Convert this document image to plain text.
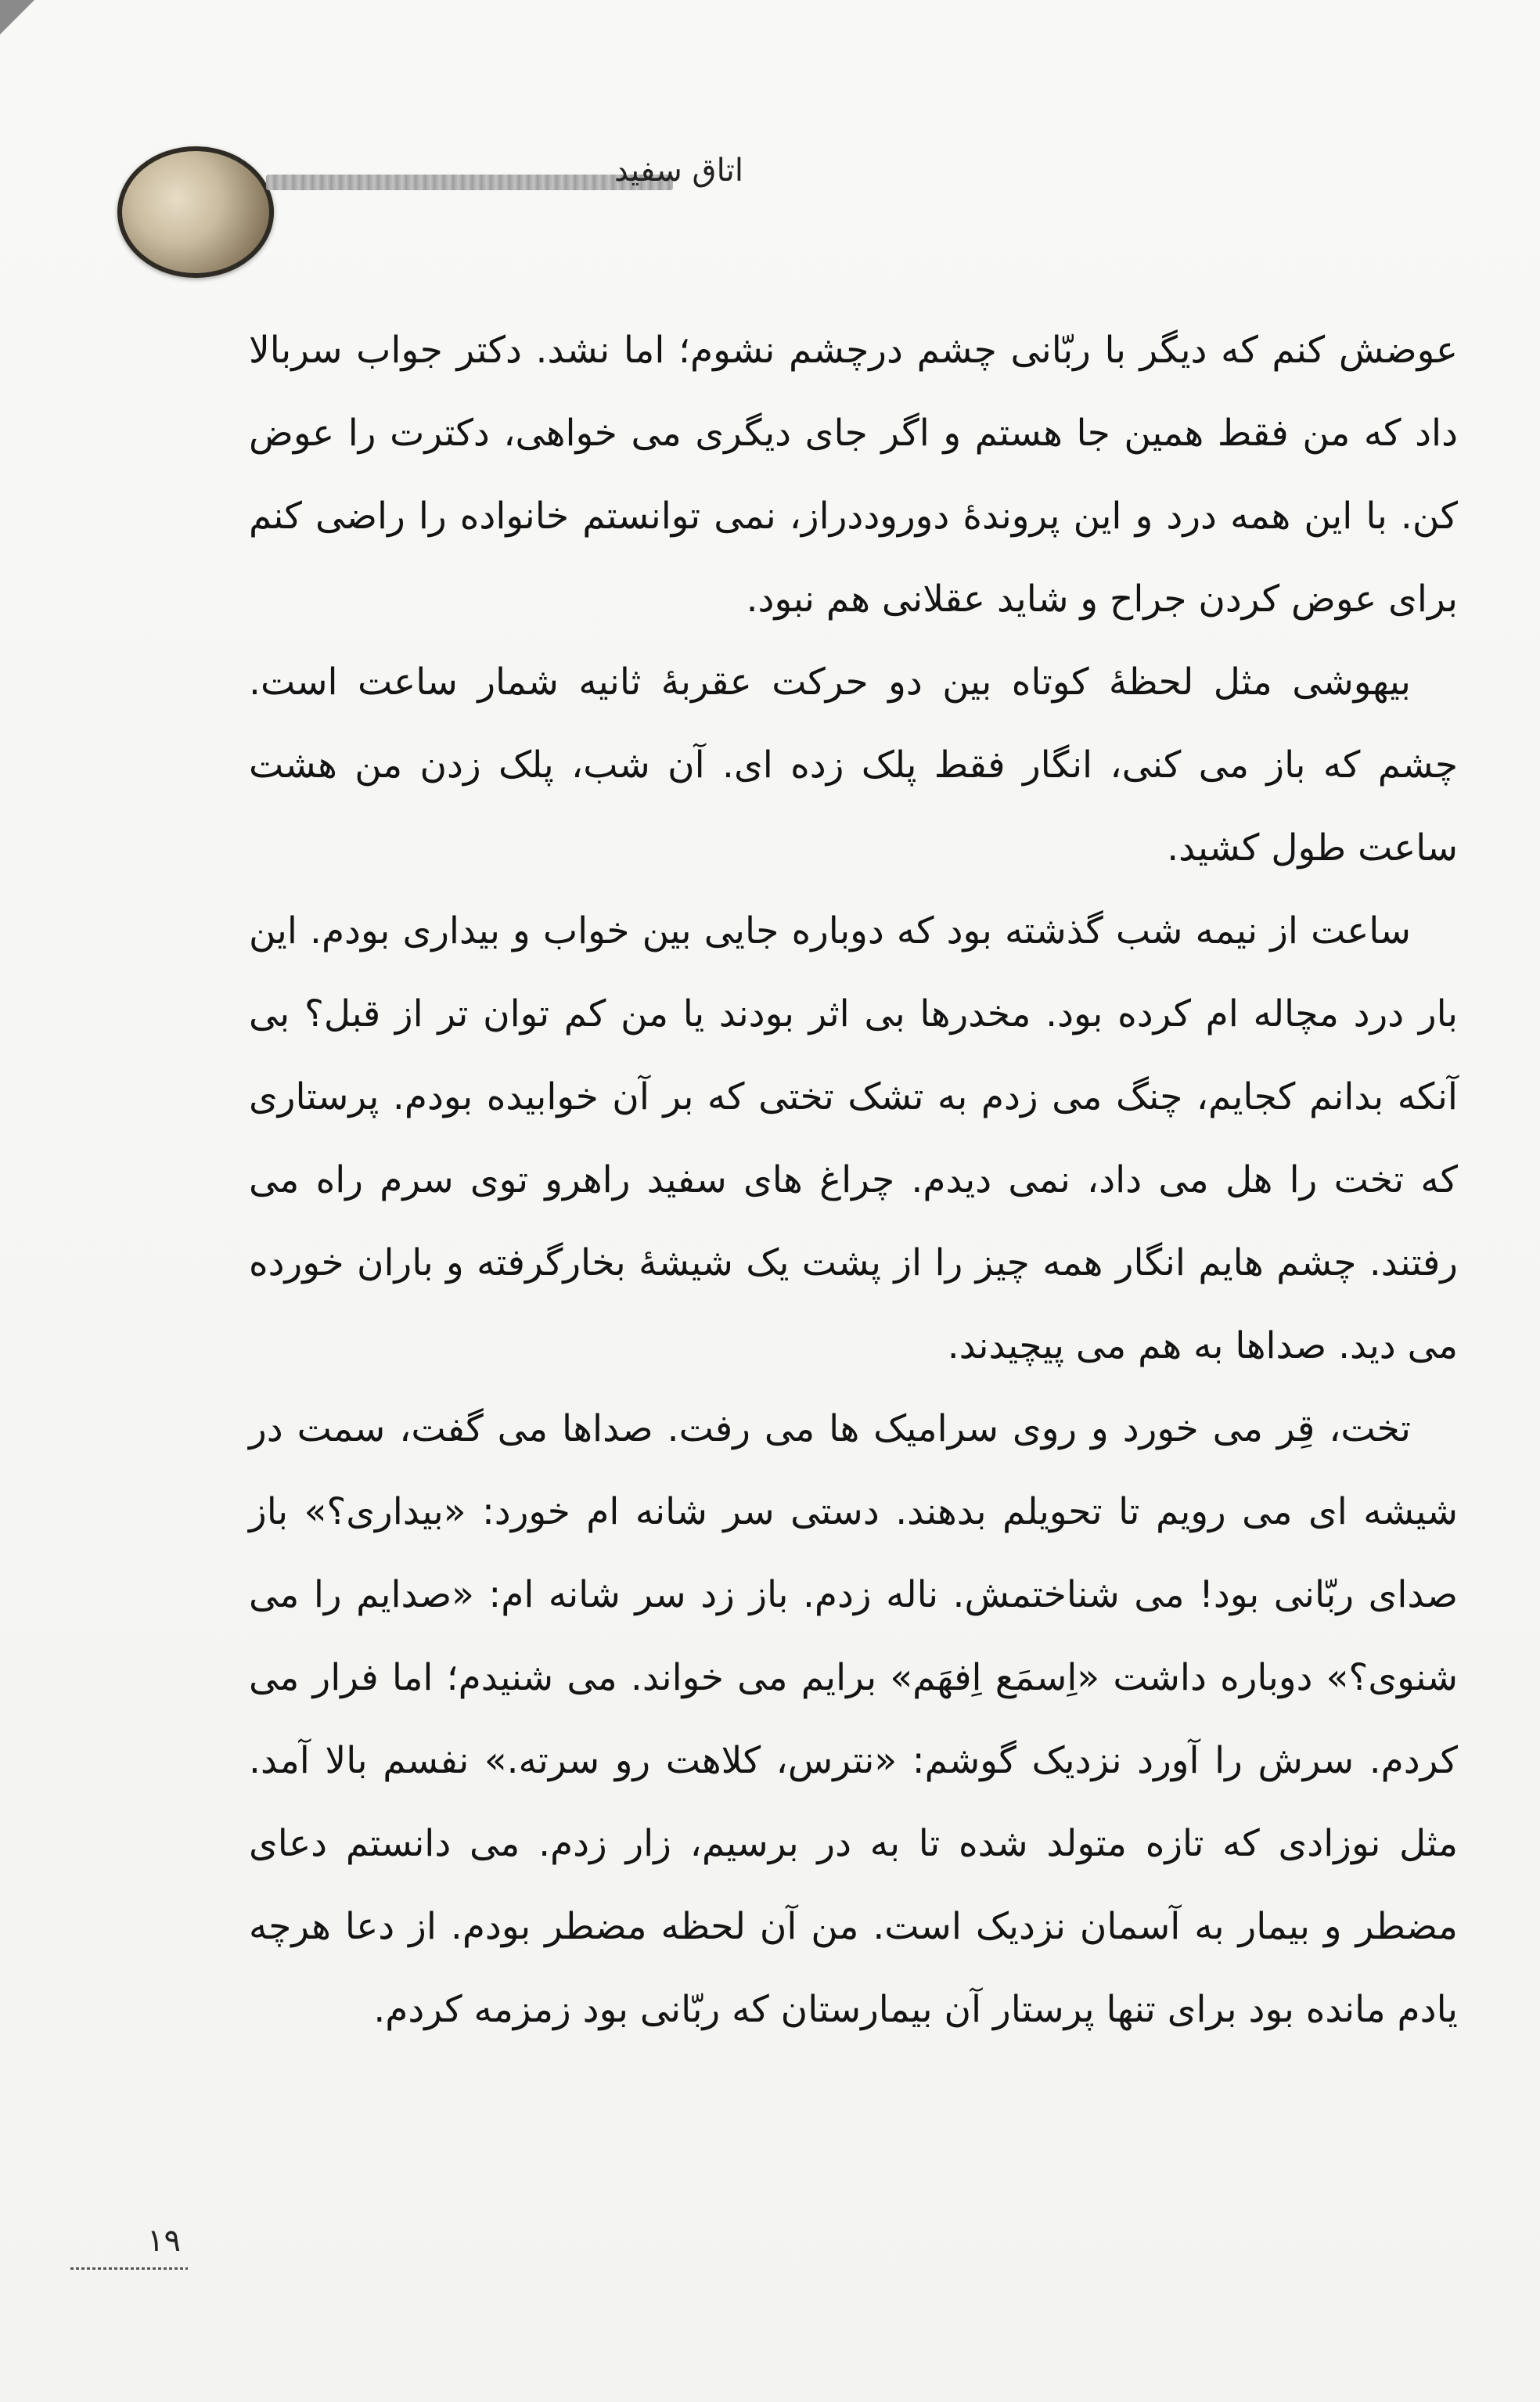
اتاق سفید

عوضش کنم که دیگر با ربّانی چشم درچشم نشوم؛ اما نشد. دکتر جواب سربالا داد که من فقط همین جا هستم و اگر جای دیگری می خواهی، دکترت را عوض کن. با این همه درد و این پروندهٔ دوروددراز، نمی توانستم خانواده را راضی کنم برای عوض کردن جراح و شاید عقلانی هم نبود.

بیهوشی مثل لحظهٔ کوتاه بین دو حرکت عقربهٔ ثانیه شمار ساعت است. چشم که باز می کنی، انگار فقط پلک زده ای. آن شب، پلک زدن من هشت ساعت طول کشید.

ساعت از نیمه شب گذشته بود که دوباره جایی بین خواب و بیداری بودم. این بار درد مچاله ام کرده بود. مخدرها بی اثر بودند یا من کم توان تر از قبل؟ بی آنکه بدانم کجایم، چنگ می زدم به تشک تختی که بر آن خوابیده بودم. پرستاری که تخت را هل می داد، نمی دیدم. چراغ های سفید راهرو توی سرم راه می رفتند. چشم هایم انگار همه چیز را از پشت یک شیشهٔ بخارگرفته و باران خورده می دید. صداها به هم می پیچیدند.

تخت، قِر می خورد و روی سرامیک ها می رفت. صداها می گفت، سمت در شیشه ای می رویم تا تحویلم بدهند. دستی سر شانه ام خورد: «بیداری؟» باز صدای ربّانی بود! می شناختمش. ناله زدم. باز زد سر شانه ام: «صدایم را می شنوی؟» دوباره داشت «اِسمَع اِفهَم» برایم می خواند. می شنیدم؛ اما فرار می کردم. سرش را آورد نزدیک گوشم: «نترس، کلاهت رو سرته.» نفسم بالا آمد. مثل نوزادی که تازه متولد شده تا به در برسیم، زار زدم. می دانستم دعای مضطر و بیمار به آسمان نزدیک است. من آن لحظه مضطر بودم. از دعا هرچه یادم مانده بود برای تنها پرستار آن بیمارستان که ربّانی بود زمزمه کردم.

۱۹
